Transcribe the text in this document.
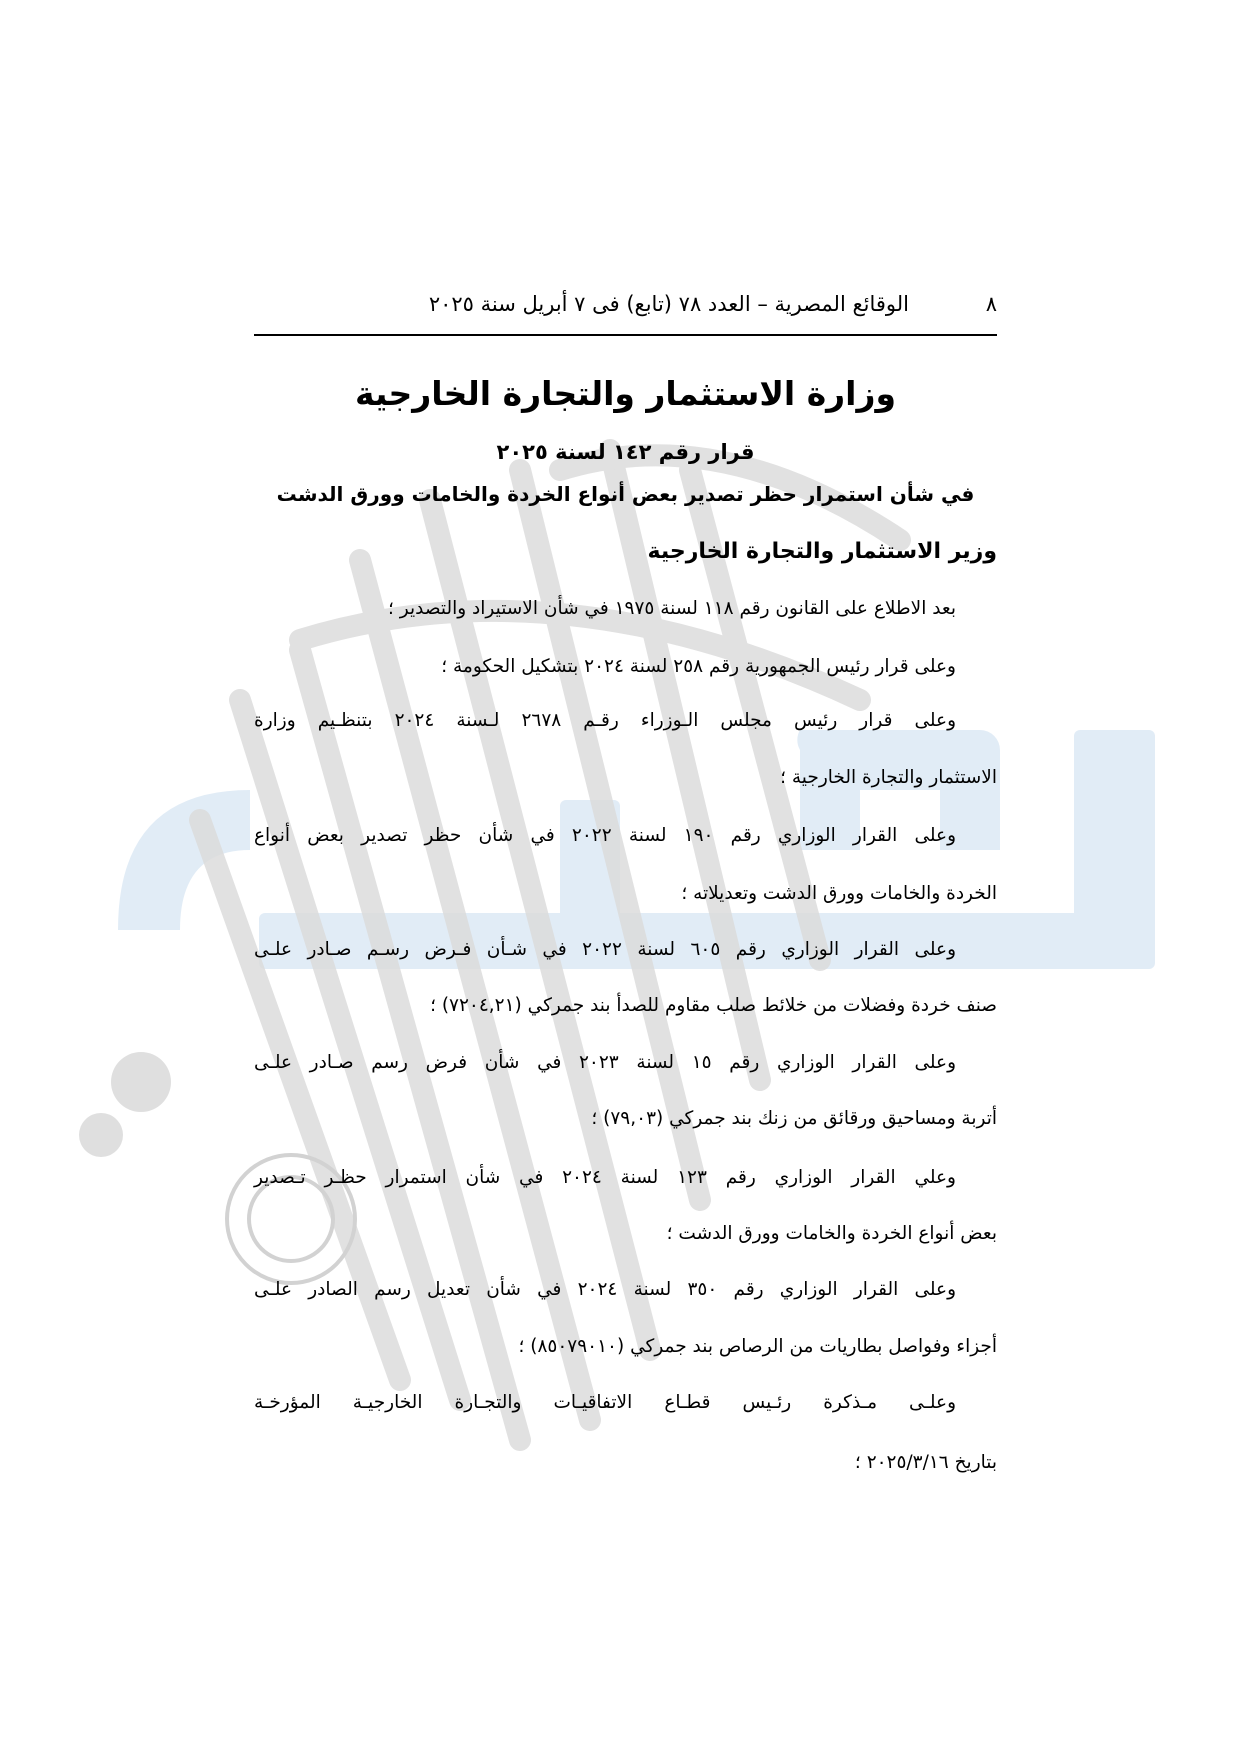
٨
الوقائع المصرية – العدد ٧٨ (تابع) فى ٧ أبريل سنة ٢٠٢٥
وزارة الاستثمار والتجارة الخارجية
قرار رقم ١٤٢ لسنة ٢٠٢٥
في شأن استمرار حظر تصدير بعض أنواع الخردة والخامات وورق الدشت
وزير الاستثمار والتجارة الخارجية
بعد الاطلاع على القانون رقم ١١٨ لسنة ١٩٧٥ في شأن الاستيراد والتصدير ؛
وعلى قرار رئيس الجمهورية رقم ٢٥٨ لسنة ٢٠٢٤ بتشكيل الحكومة ؛
وعلى قرار رئيس مجلس الـوزراء رقـم ٢٦٧٨ لـسنة ٢٠٢٤ بتنظـيم وزارة
الاستثمار والتجارة الخارجية ؛
وعلى القرار الوزاري رقم ١٩٠ لسنة ٢٠٢٢ في شأن حظر تصدير بعض أنواع
الخردة والخامات وورق الدشت وتعديلاته ؛
وعلى القرار الوزاري رقم ٦٠٥ لسنة ٢٠٢٢ في شـأن فـرض رسـم صـادر علـى
صنف خردة وفضلات من خلائط صلب مقاوم للصدأ بند جمركي (٧٢٠٤,٢١) ؛
وعلى القرار الوزاري رقم ١٥ لسنة ٢٠٢٣ في شأن فرض رسم صـادر علـى
أتربة ومساحيق ورقائق من زنك بند جمركي (٧٩,٠٣) ؛
وعلي القرار الوزاري رقم ١٢٣ لسنة ٢٠٢٤ في شأن استمرار حظـر تـصدير
بعض أنواع الخردة والخامات وورق الدشت ؛
وعلى القرار الوزاري رقم ٣٥٠ لسنة ٢٠٢٤ في شأن تعديل رسم الصادر علـى
أجزاء وفواصل بطاريات من الرصاص بند جمركي (٨٥٠٧٩٠١٠) ؛
وعلـى مـذكرة رئـيس قطـاع الاتفاقيـات والتجـارة الخارجيـة المؤرخـة
بتاريخ ٢٠٢٥/٣/١٦ ؛
